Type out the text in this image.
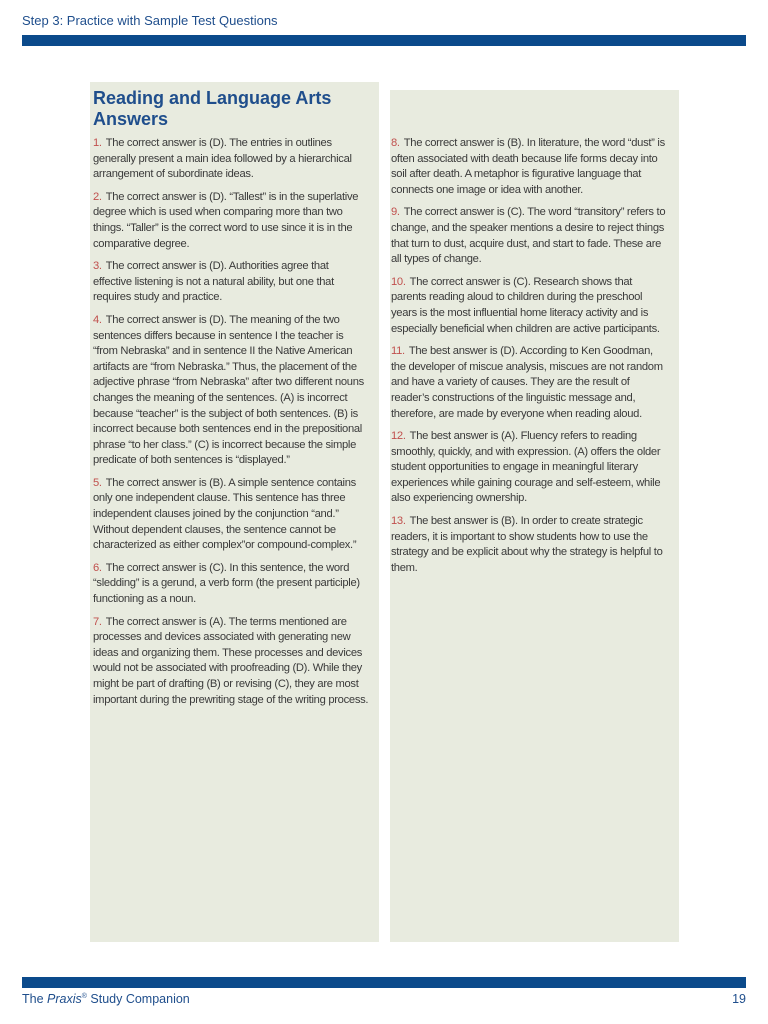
Step 3: Practice with Sample Test Questions
Reading and Language Arts Answers

1. The correct answer is (D). The entries in outlines generally present a main idea followed by a hierarchical arrangement of subordinate ideas.

2. The correct answer is (D). “Tallest” is in the superlative degree which is used when comparing more than two things. “Taller” is the correct word to use since it is in the comparative degree.

3. The correct answer is (D). Authorities agree that effective listening is not a natural ability, but one that requires study and practice.

4. The correct answer is (D). The meaning of the two sentences differs because in sentence I the teacher is “from Nebraska” and in sentence II the Native American artifacts are “from Nebraska.” Thus, the placement of the adjective phrase “from Nebraska” after two different nouns changes the meaning of the sentences. (A) is incorrect because “teacher” is the subject of both sentences. (B) is incorrect because both sentences end in the prepositional phrase “to her class.” (C) is incorrect because the simple predicate of both sentences is “displayed.”

5. The correct answer is (B). A simple sentence contains only one independent clause. This sentence has three independent clauses joined by the conjunction “and.” Without dependent clauses, the sentence cannot be characterized as either complex”or compound-complex.”

6. The correct answer is (C). In this sentence, the word “sledding” is a gerund, a verb form (the present participle) functioning as a noun.

7. The correct answer is (A). The terms mentioned are processes and devices associated with generating new ideas and organizing them. These processes and devices would not be associated with proofreading (D). While they might be part of drafting (B) or revising (C), they are most important during the prewriting stage of the writing process.

8. The correct answer is (B). In literature, the word “dust” is often associated with death because life forms decay into soil after death. A metaphor is figurative language that connects one image or idea with another.

9. The correct answer is (C). The word “transitory” refers to change, and the speaker mentions a desire to reject things that turn to dust, acquire dust, and start to fade. These are all types of change.

10. The correct answer is (C). Research shows that parents reading aloud to children during the preschool years is the most influential home literacy activity and is especially beneficial when children are active participants.

11. The best answer is (D). According to Ken Goodman, the developer of miscue analysis, miscues are not random and have a variety of causes. They are the result of reader’s constructions of the linguistic message and, therefore, are made by everyone when reading aloud.

12. The best answer is (A). Fluency refers to reading smoothly, quickly, and with expression. (A) offers the older student opportunities to engage in meaningful literary experiences while gaining courage and self-esteem, while also experiencing ownership.

13. The best answer is (B). In order to create strategic readers, it is important to show students how to use the strategy and be explicit about why the strategy is helpful to them.

The Praxis® Study Companion	19
